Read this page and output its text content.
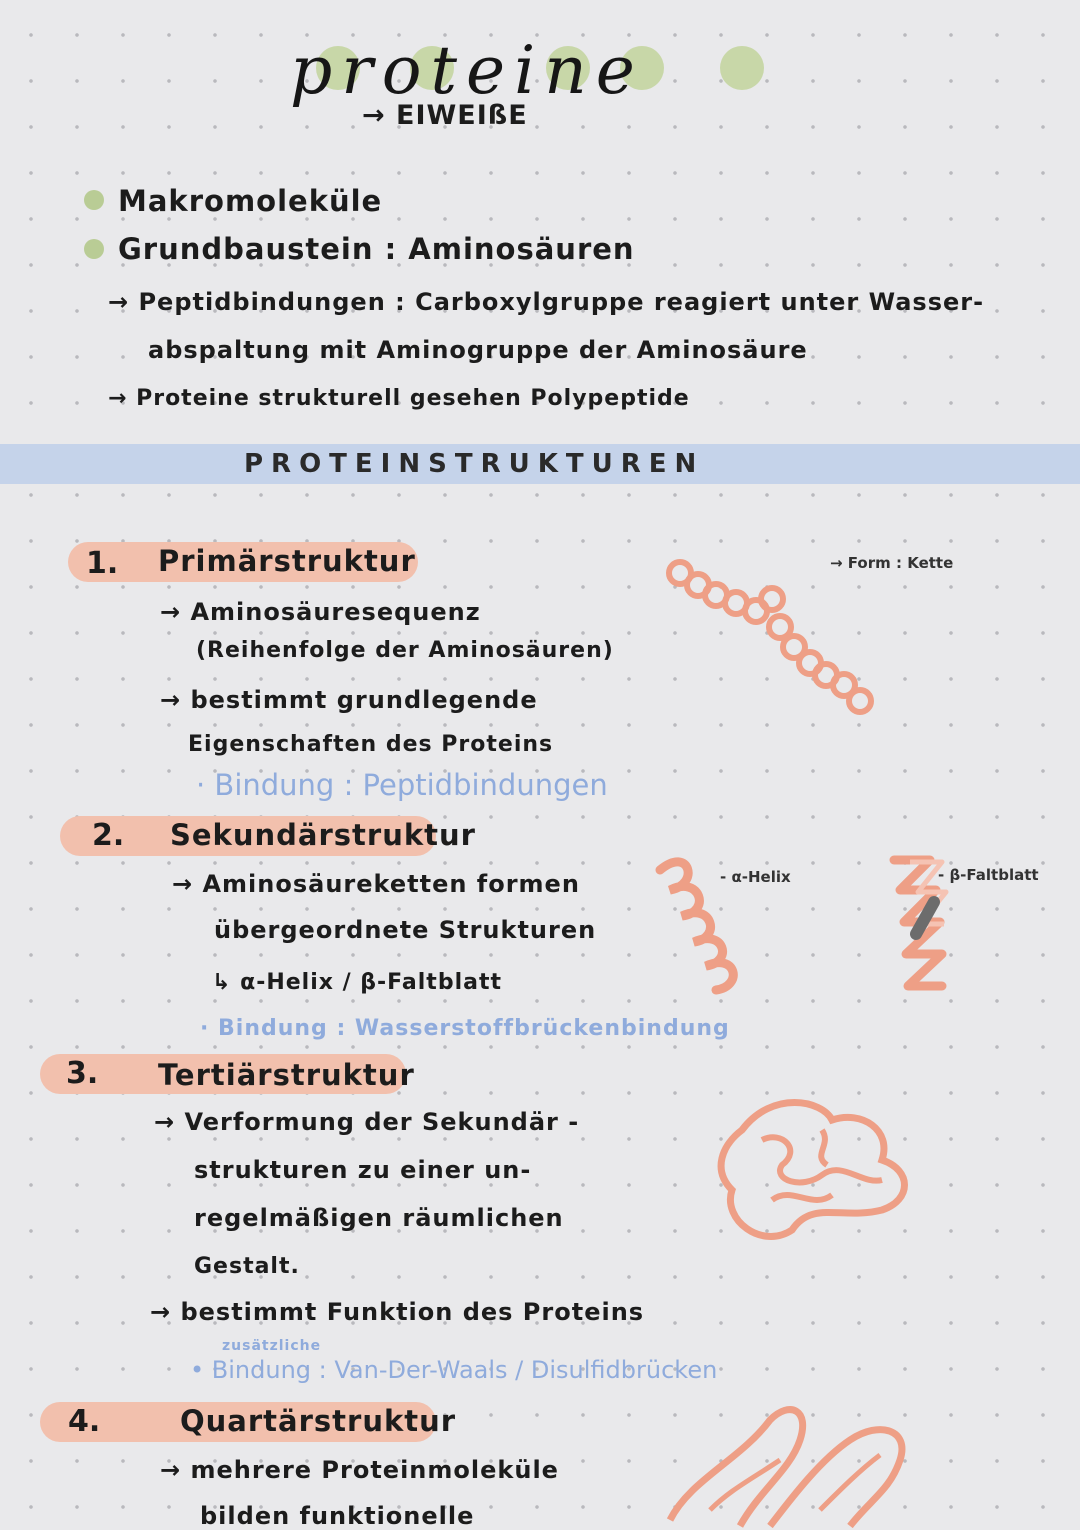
proteine
→ EIWEIßE
Makromoleküle
Grundbaustein : Aminosäuren
→ Peptidbindungen : Carboxylgruppe reagiert unter Wasser-
abspaltung mit Aminogruppe der Aminosäure
→ Proteine strukturell gesehen Polypeptide
PROTEINSTRUKTUREN
1. Primärstruktur
→ Aminosäuresequenz
(Reihenfolge der Aminosäuren)
→ bestimmt grundlegende
Eigenschaften des Proteins
· Bindung : Peptidbindungen
→ Form : Kette
2. Sekundärstruktur
→ Aminosäureketten formen
übergeordnete Strukturen
↳ α-Helix / β-Faltblatt
· Bindung : Wasserstoffbrückenbindung
- α-Helix	- β-Faltblatt
3. Tertiärstruktur
→ Verformung der Sekundär -
strukturen zu einer un-
regelmäßigen räumlichen
Gestalt.
→ bestimmt Funktion des Proteins
zusätzliche
• Bindung : Van-Der-Waals / Disulfidbrücken
4.	Quartärstruktur
→ mehrere Proteinmoleküle
bilden funktionelle
